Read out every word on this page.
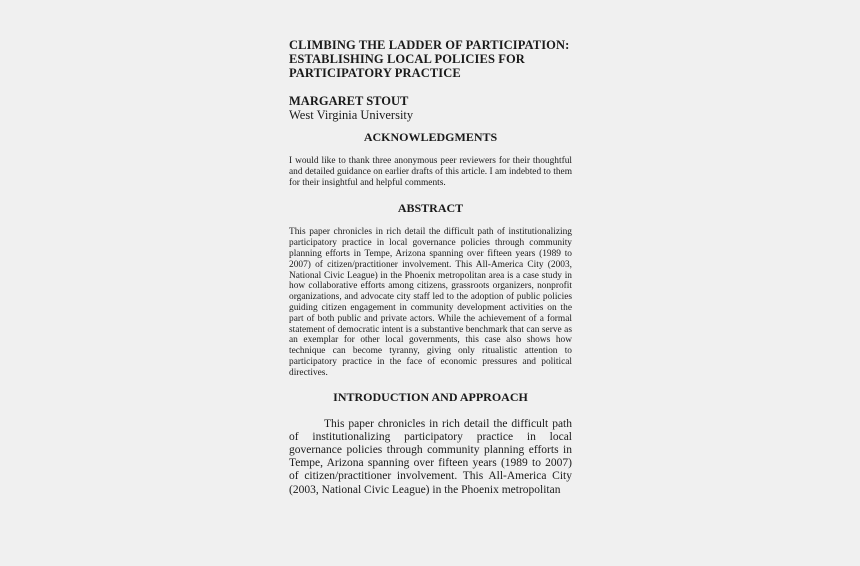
CLIMBING THE LADDER OF PARTICIPATION: ESTABLISHING LOCAL POLICIES FOR PARTICIPATORY PRACTICE

MARGARET STOUT

West Virginia University

ACKNOWLEDGMENTS

I would like to thank three anonymous peer reviewers for their thoughtful and detailed guidance on earlier drafts of this article. I am indebted to them for their insightful and helpful comments.

ABSTRACT

This paper chronicles in rich detail the difficult path of institutionalizing participatory practice in local governance policies through community planning efforts in Tempe, Arizona spanning over fifteen years (1989 to 2007) of citizen/practitioner involvement. This All-America City (2003, National Civic League) in the Phoenix metropolitan area is a case study in how collaborative efforts among citizens, grassroots organizers, nonprofit organizations, and advocate city staff led to the adoption of public policies guiding citizen engagement in community development activities on the part of both public and private actors. While the achievement of a formal statement of democratic intent is a substantive benchmark that can serve as an exemplar for other local governments, this case also shows how technique can become tyranny, giving only ritualistic attention to participatory practice in the face of economic pressures and political directives.

INTRODUCTION AND APPROACH

This paper chronicles in rich detail the difficult path of institutionalizing participatory practice in local governance policies through community planning efforts in Tempe, Arizona spanning over fifteen years (1989 to 2007) of citizen/practitioner involvement. This All-America City (2003, National Civic League) in the Phoenix metropolitan
